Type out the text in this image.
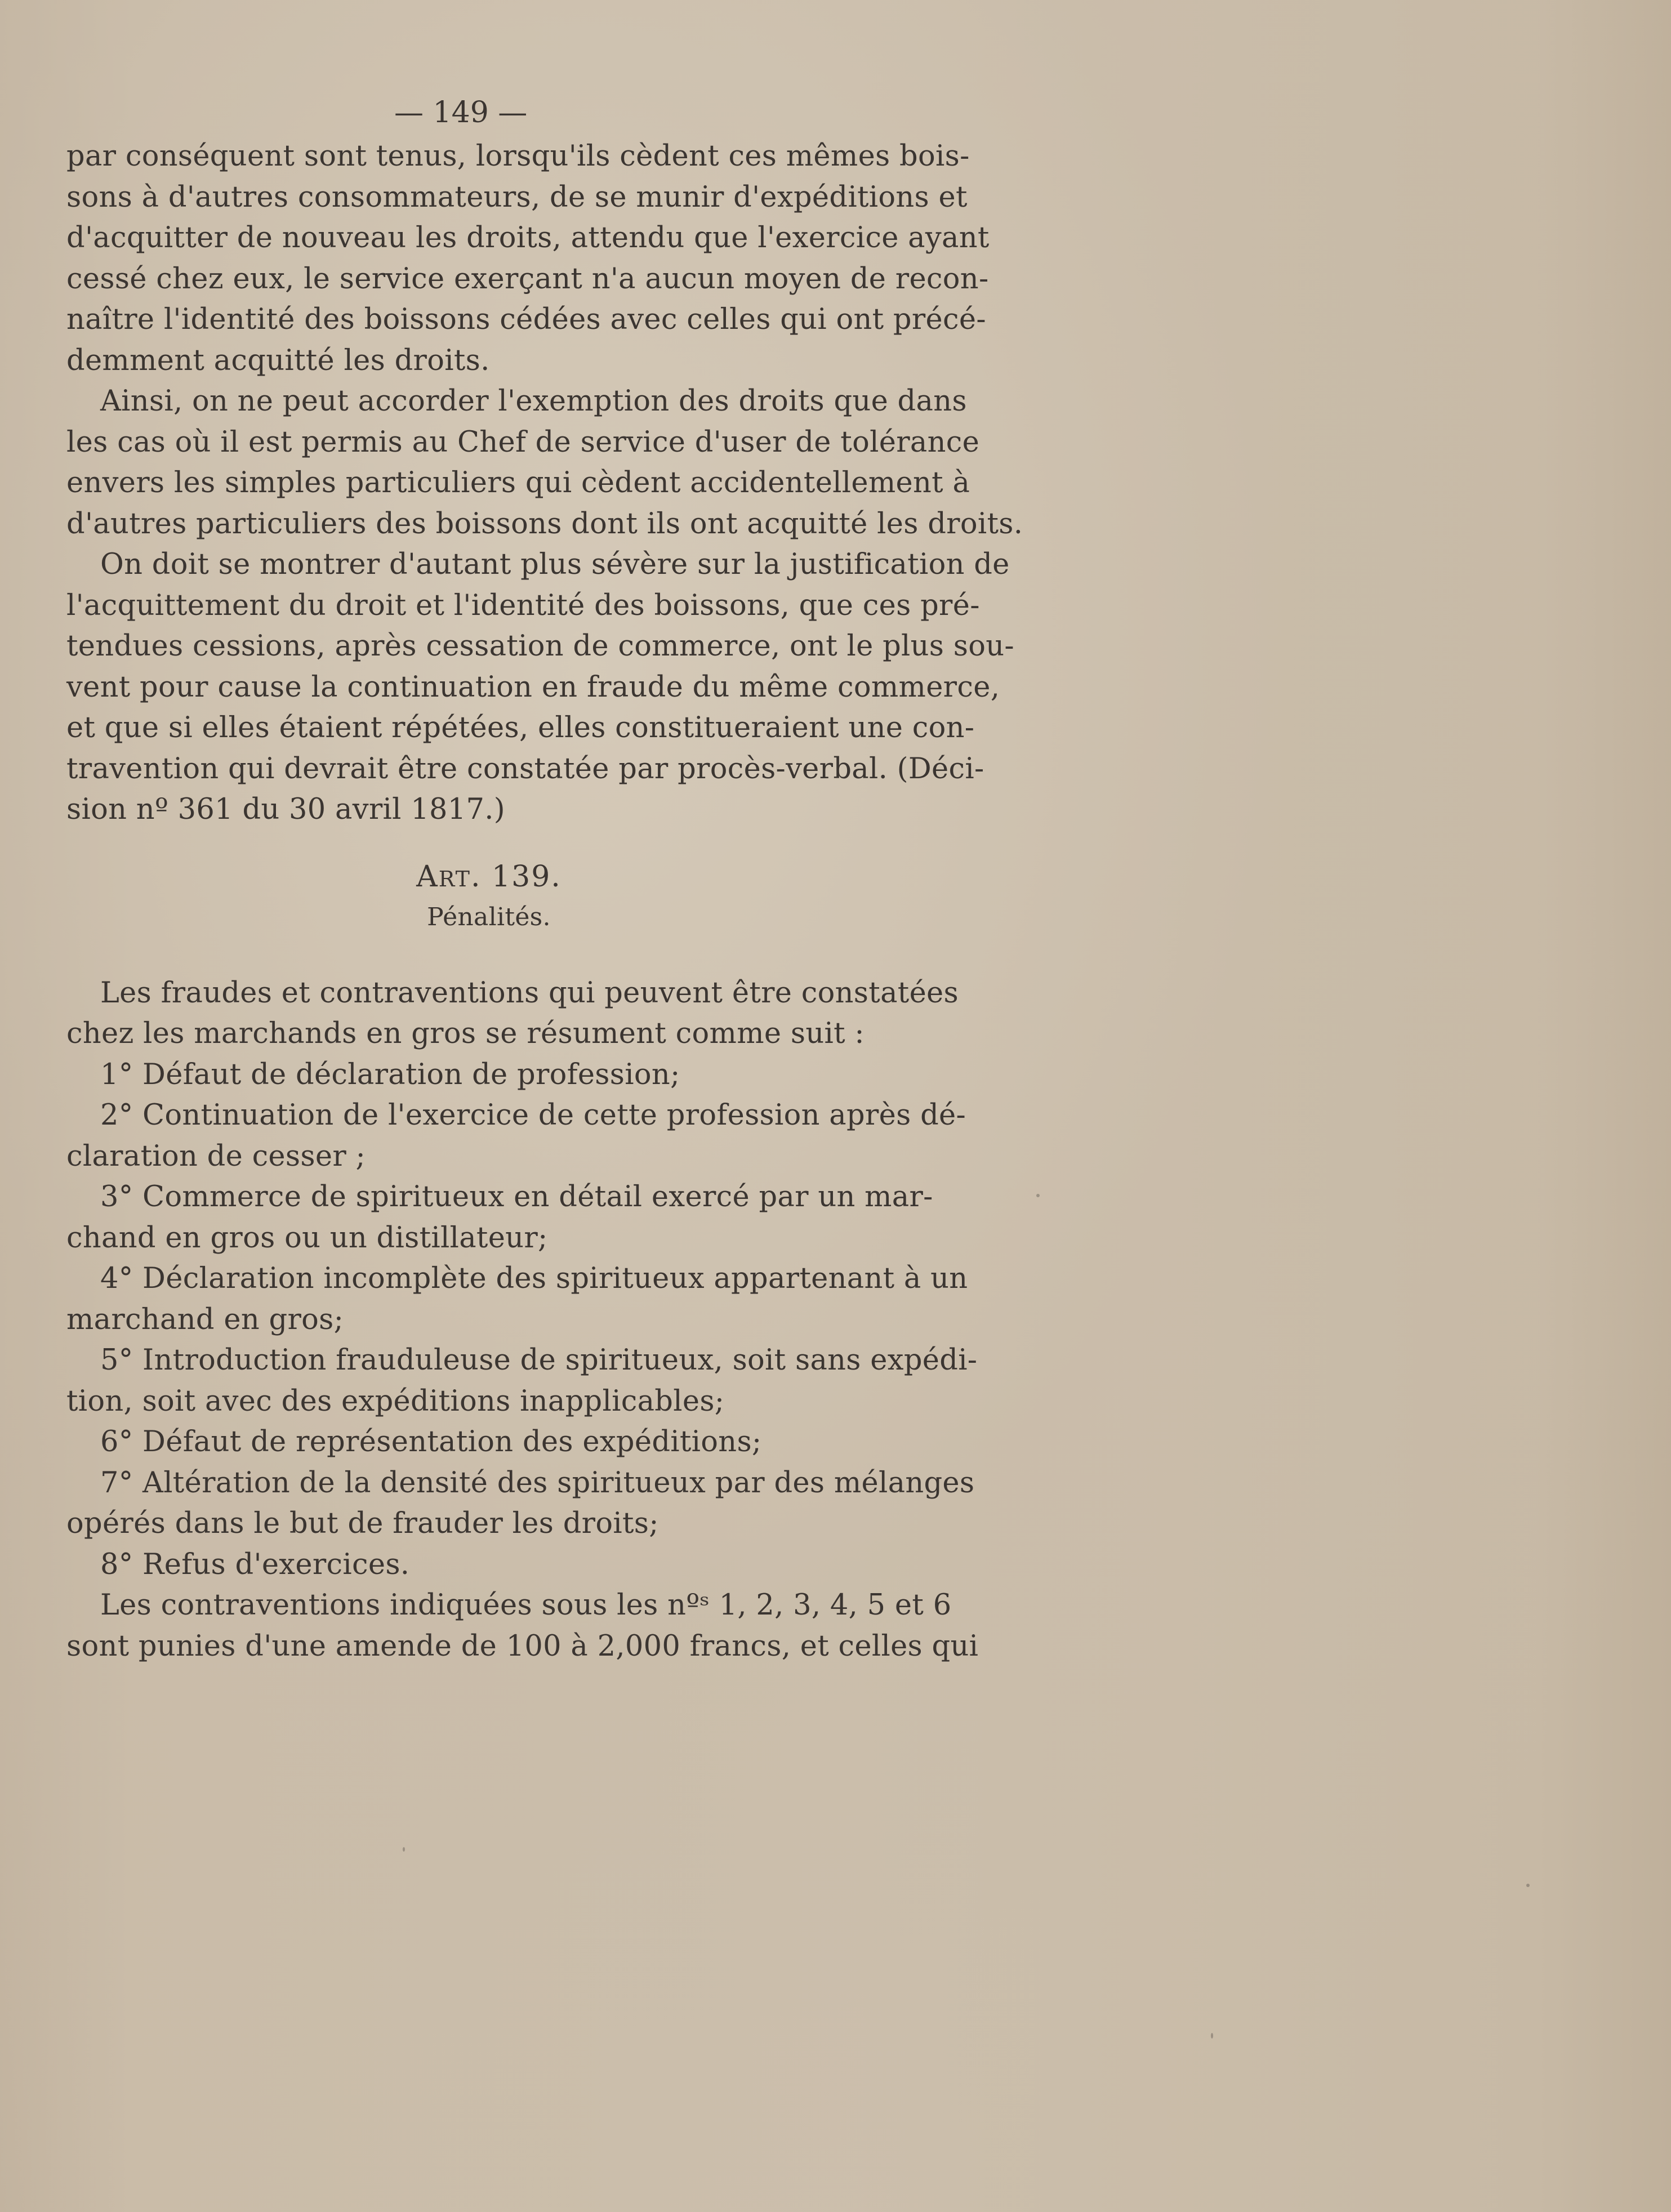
— 149 —
par conséquent sont tenus, lorsqu'ils cèdent ces mêmes bois-
sons à d'autres consommateurs, de se munir d'expéditions et
d'acquitter de nouveau les droits, attendu que l'exercice ayant
cessé chez eux, le service exerçant n'a aucun moyen de recon-
naître l'identité des boissons cédées avec celles qui ont précé-
demment acquitté les droits.
Ainsi, on ne peut accorder l'exemption des droits que dans
les cas où il est permis au Chef de service d'user de tolérance
envers les simples particuliers qui cèdent accidentellement à
d'autres particuliers des boissons dont ils ont acquitté les droits.
On doit se montrer d'autant plus sévère sur la justification de
l'acquittement du droit et l'identité des boissons, que ces pré-
tendues cessions, après cessation de commerce, ont le plus sou-
vent pour cause la continuation en fraude du même commerce,
et que si elles étaient répétées, elles constitueraient une con-
travention qui devrait être constatée par procès-verbal. (Déci-
sion nº 361 du 30 avril 1817.)
ART. 139.
Pénalités.
Les fraudes et contraventions qui peuvent être constatées
chez les marchands en gros se résument comme suit :
1° Défaut de déclaration de profession;
2° Continuation de l'exercice de cette profession après dé-
claration de cesser ;
3° Commerce de spiritueux en détail exercé par un mar-
chand en gros ou un distillateur;
4° Déclaration incomplète des spiritueux appartenant à un
marchand en gros;
5° Introduction frauduleuse de spiritueux, soit sans expédi-
tion, soit avec des expéditions inapplicables;
6° Défaut de représentation des expéditions;
7° Altération de la densité des spiritueux par des mélanges
opérés dans le but de frauder les droits;
8° Refus d'exercices.
Les contraventions indiquées sous les nºˢ 1, 2, 3, 4, 5 et 6
sont punies d'une amende de 100 à 2,000 francs, et celles qui
